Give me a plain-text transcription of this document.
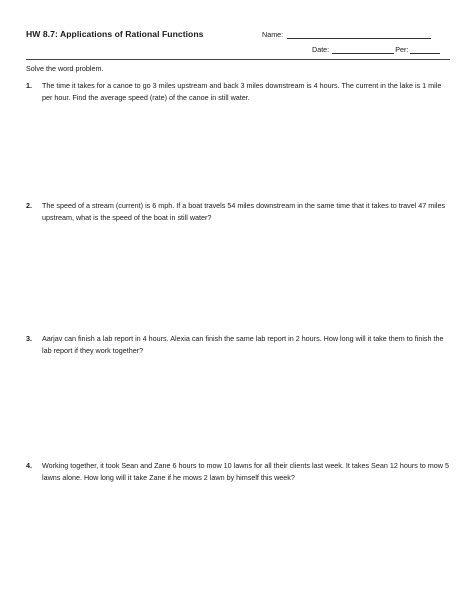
HW 8.7: Applications of Rational Functions	Name:
Date:	Per:
Solve the word problem.
1.	The time it takes for a canoe to go 3 miles upstream and back 3 miles downstream is 4 hours. The current in the lake is 1 mile per hour. Find the average speed (rate) of the canoe in still water.
2.	The speed of a stream (current) is 6 mph. If a boat travels 54 miles downstream in the same time that it takes to travel 47 miles upstream, what is the speed of the boat in still water?
3.	Aarjav can finish a lab report in 4 hours. Alexia can finish the same lab report in 2 hours. How long will it take them to finish the lab report if they work together?
4.	Working together, it took Sean and Zane 6 hours to mow 10 lawns for all their clients last week. It takes Sean 12 hours to mow 5 lawns alone. How long will it take Zane if he mows 2 lawn by himself this week?
